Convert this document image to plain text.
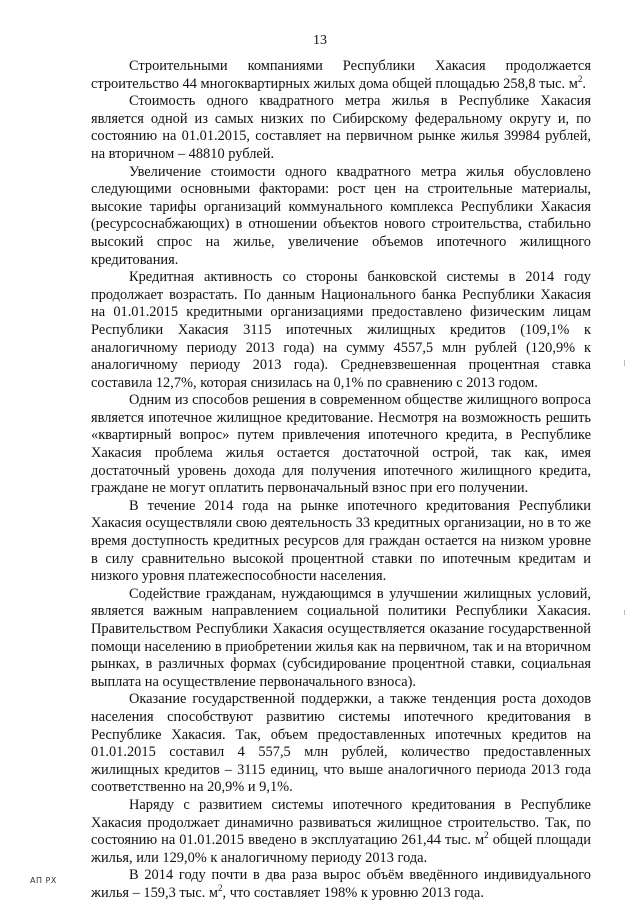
13

Строительными компаниями Республики Хакасия продолжается строительство 44 многоквартирных жилых дома общей площадью 258,8 тыс. $м^2$.

Стоимость одного квадратного метра жилья в Республике Хакасия является одной из самых низких по Сибирскому федеральному округу и, по состоянию на 01.01.2015, составляет на первичном рынке жилья 39984 рублей, на вторичном – 48810 рублей.

Увеличение стоимости одного квадратного метра жилья обусловлено следующими основными факторами: рост цен на строительные материалы, высокие тарифы организаций коммунального комплекса Республики Хакасия (ресурсоснабжающих) в отношении объектов нового строительства, стабильно высокий спрос на жилье, увеличение объемов ипотечного жилищного кредитования.

Кредитная активность со стороны банковской системы в 2014 году продолжает возрастать. По данным Национального банка Республики Хакасия на 01.01.2015 кредитными организациями предоставлено физическим лицам Республики Хакасия 3115 ипотечных жилищных кредитов (109,1% к аналогичному периоду 2013 года) на сумму 4557,5 млн рублей (120,9% к аналогичному периоду 2013 года). Средневзвешенная процентная ставка составила 12,7%, которая снизилась на 0,1% по сравнению с 2013 годом.

Одним из способов решения в современном обществе жилищного вопроса является ипотечное жилищное кредитование. Несмотря на возможность решить «квартирный вопрос» путем привлечения ипотечного кредита, в Республике Хакасия проблема жилья остается достаточной острой, так как, имея достаточный уровень дохода для получения ипотечного жилищного кредита, граждане не могут оплатить первоначальный взнос при его получении.

В течение 2014 года на рынке ипотечного кредитования Республики Хакасия осуществляли свою деятельность 33 кредитных организации, но в то же время доступность кредитных ресурсов для граждан остается на низком уровне в силу сравнительно высокой процентной ставки по ипотечным кредитам и низкого уровня платежеспособности населения.

Содействие гражданам, нуждающимся в улучшении жилищных условий, является важным направлением социальной политики Республики Хакасия. Правительством Республики Хакасия осуществляется оказание государственной помощи населению в приобретении жилья как на первичном, так и на вторичном рынках, в различных формах (субсидирование процентной ставки, социальная выплата на осуществление первоначального взноса).

Оказание государственной поддержки, а также тенденция роста доходов населения способствуют развитию системы ипотечного кредитования в Республике Хакасия. Так, объем предоставленных ипотечных кредитов на 01.01.2015 составил 4 557,5 млн рублей, количество предоставленных жилищных кредитов – 3115 единиц, что выше аналогичного периода 2013 года соответственно на 20,9% и 9,1%.

Наряду с развитием системы ипотечного кредитования в Республике Хакасия продолжает динамично развиваться жилищное строительство. Так, по состоянию на 01.01.2015 введено в эксплуатацию 261,44 тыс. $м^2$ общей площади жилья, или 129,0% к аналогичному периоду 2013 года.

В 2014 году почти в два раза вырос объём введённого индивидуального жилья – 159,3 тыс. $м^2$, что составляет 198% к уровню 2013 года.

АП РХ
